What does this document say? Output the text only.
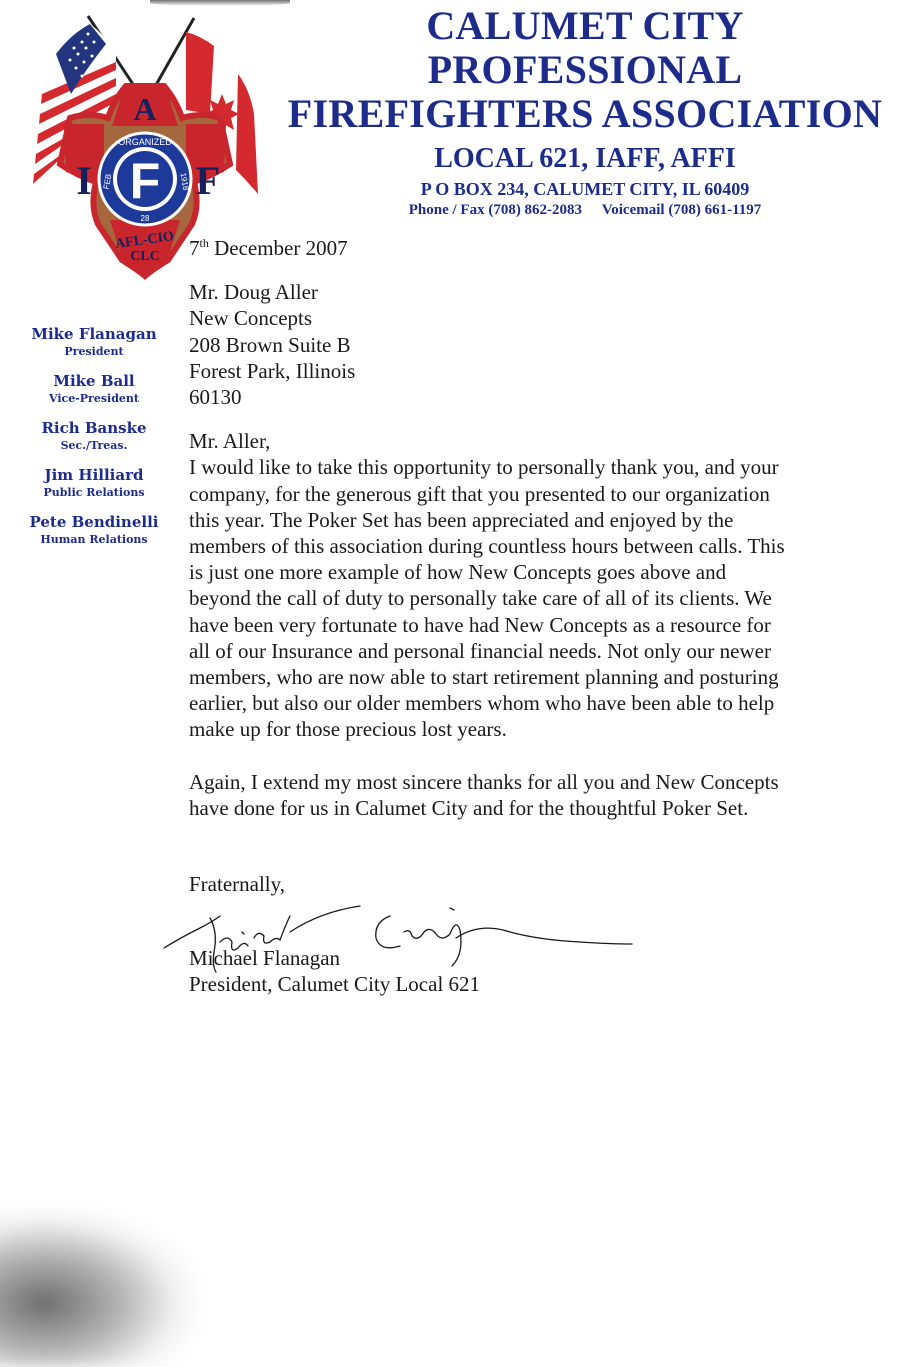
A
I	F
F
ORGANIZED
FEB	1918
28
AFL-CIO
CLC
CALUMET CITY PROFESSIONAL
FIREFIGHTERS ASSOCIATION
LOCAL 621, IAFF, AFFI
P O BOX 234, CALUMET CITY, IL 60409
Phone / Fax (708) 862-2083 Voicemail (708) 661-1197
Mike Flanagan
President
Mike Ball
Vice-President
Rich Banske
Sec./Treas.
Jim Hilliard
Public Relations
Pete Bendinelli
Human Relations
7th December 2007
Mr. Doug Aller
New Concepts
208 Brown Suite B
Forest Park, Illinois
60130
Mr. Aller,
I would like to take this opportunity to personally thank you, and your
company, for the generous gift that you presented to our organization
this year. The Poker Set has been appreciated and enjoyed by the
members of this association during countless hours between calls. This
is just one more example of how New Concepts goes above and
beyond the call of duty to personally take care of all of its clients. We
have been very fortunate to have had New Concepts as a resource for
all of our Insurance and personal financial needs. Not only our newer
members, who are now able to start retirement planning and posturing
earlier, but also our older members whom who have been able to help
make up for those precious lost years.
Again, I extend my most sincere thanks for all you and New Concepts
have done for us in Calumet City and for the thoughtful Poker Set.
Fraternally,
Michael Flanagan
President, Calumet City Local 621
